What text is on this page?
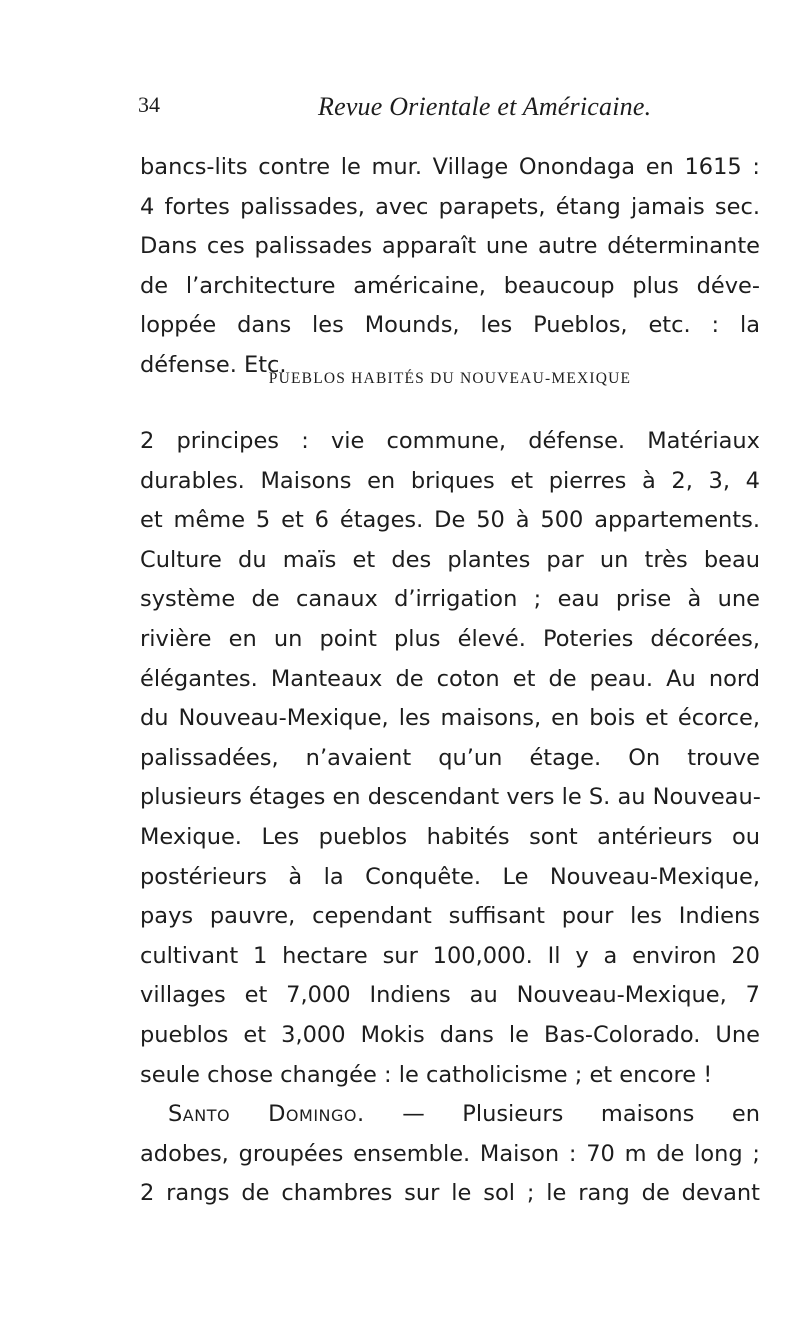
34	Revue Orientale et Américaine.
bancs-lits contre le mur. Village Onondaga en 1615 :
4 fortes palissades, avec parapets, étang jamais sec.
Dans ces palissades apparaît une autre déterminante
de l’architecture américaine, beaucoup plus déve-
loppée dans les Mounds, les Pueblos, etc. : la
défense. Etc.
PUEBLOS HABITÉS DU NOUVEAU-MEXIQUE
2 principes : vie commune, défense. Matériaux
durables. Maisons en briques et pierres à 2, 3, 4
et même 5 et 6 étages. De 50 à 500 appartements.
Culture du maïs et des plantes par un très beau
système de canaux d’irrigation ; eau prise à une
rivière en un point plus élevé. Poteries décorées,
élégantes. Manteaux de coton et de peau. Au nord
du Nouveau-Mexique, les maisons, en bois et écorce,
palissadées, n’avaient qu’un étage. On trouve
plusieurs étages en descendant vers le S. au Nouveau-
Mexique. Les pueblos habités sont antérieurs ou
postérieurs à la Conquête. Le Nouveau-Mexique,
pays pauvre, cependant suffisant pour les Indiens
cultivant 1 hectare sur 100,000. Il y a environ 20
villages et 7,000 Indiens au Nouveau-Mexique, 7
pueblos et 3,000 Mokis dans le Bas-Colorado. Une
seule chose changée : le catholicisme ; et encore !
Santo Domingo. — Plusieurs maisons en
adobes, groupées ensemble. Maison : 70 m de long ;
2 rangs de chambres sur le sol ; le rang de devant
